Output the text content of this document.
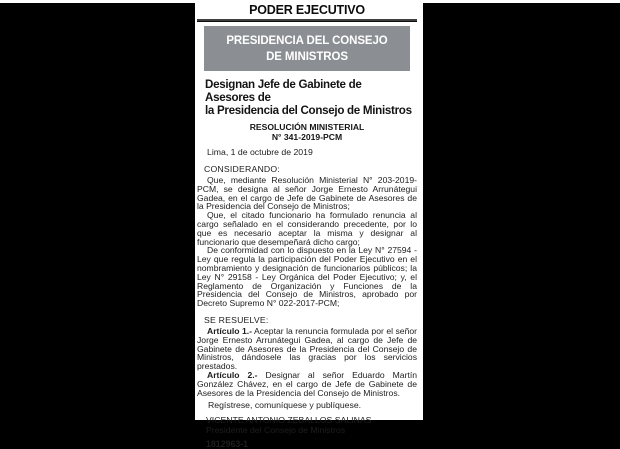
PODER EJECUTIVO
PRESIDENCIA DEL CONSEJO
DE MINISTROS
Designan Jefe de Gabinete de Asesores de
la Presidencia del Consejo de Ministros
RESOLUCIÓN MINISTERIAL
N° 341-2019-PCM

Lima, 1 de octubre de 2019

CONSIDERANDO:

Que, mediante Resolución Ministerial N° 203-2019-PCM, se designa al señor Jorge Ernesto Arrunátegui Gadea, en el cargo de Jefe de Gabinete de Asesores de la Presidencia del Consejo de Ministros;

Que, el citado funcionario ha formulado renuncia al cargo señalado en el considerando precedente, por lo que es necesario aceptar la misma y designar al funcionario que desempeñará dicho cargo;

De conformidad con lo dispuesto en la Ley N° 27594 - Ley que regula la participación del Poder Ejecutivo en el nombramiento y designación de funcionarios públicos; la Ley N° 29158 - Ley Orgánica del Poder Ejecutivo; y, el Reglamento de Organización y Funciones de la Presidencia del Consejo de Ministros, aprobado por Decreto Supremo N° 022-2017-PCM;

SE RESUELVE:

Artículo 1.- Aceptar la renuncia formulada por el señor Jorge Ernesto Arrunátegui Gadea, al cargo de Jefe de Gabinete de Asesores de la Presidencia del Consejo de Ministros, dándosele las gracias por los servicios prestados.

Artículo 2.- Designar al señor Eduardo Martín González Chávez, en el cargo de Jefe de Gabinete de Asesores de la Presidencia del Consejo de Ministros.

Regístrese, comuníquese y publíquese.

VICENTE ANTONIO ZEBALLOS SALINAS
Presidente del Consejo de Ministros
1812963-1
